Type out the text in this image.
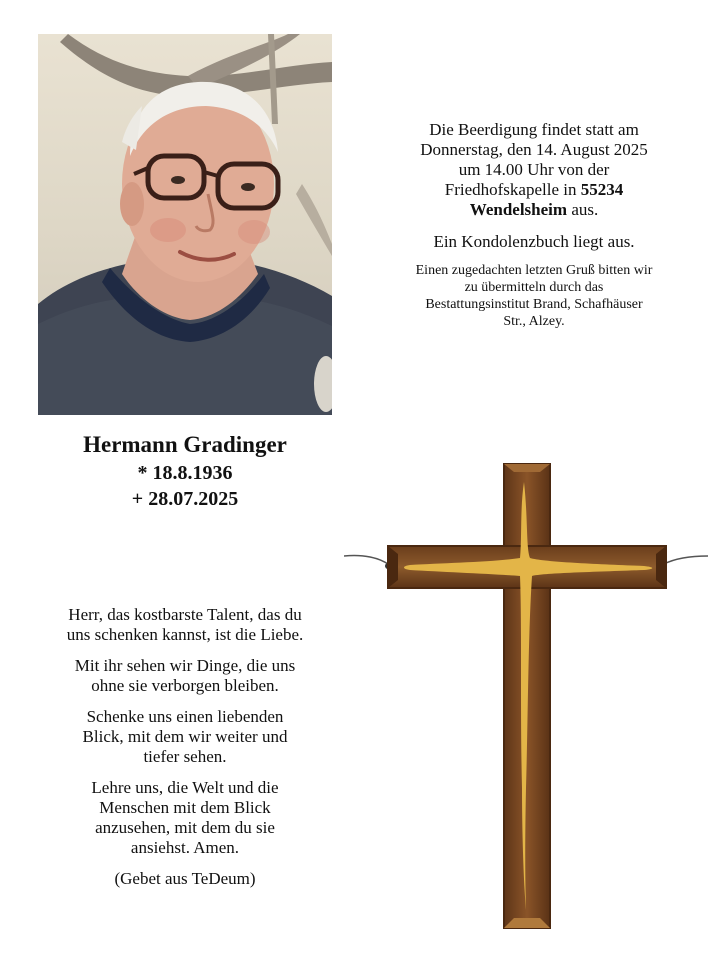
Die Beerdigung findet statt am
Donnerstag, den 14. August 2025
um 14.00 Uhr von der
Friedhofskapelle in 55234
Wendelsheim aus.
Ein Kondolenzbuch liegt aus.
Einen zugedachten letzten Gruß bitten wir
zu übermitteln durch das
Bestattungsinstitut Brand, Schafhäuser
Str., Alzey.
Hermann Gradinger
* 18.8.1936
+ 28.07.2025

Herr, das kostbarste Talent, das du
uns schenken kannst, ist die Liebe.

Mit ihr sehen wir Dinge, die uns
ohne sie verborgen bleiben.

Schenke uns einen liebenden
Blick, mit dem wir weiter und
tiefer sehen.

Lehre uns, die Welt und die
Menschen mit dem Blick
anzusehen, mit dem du sie
ansiehst. Amen.

(Gebet aus TeDeum)
